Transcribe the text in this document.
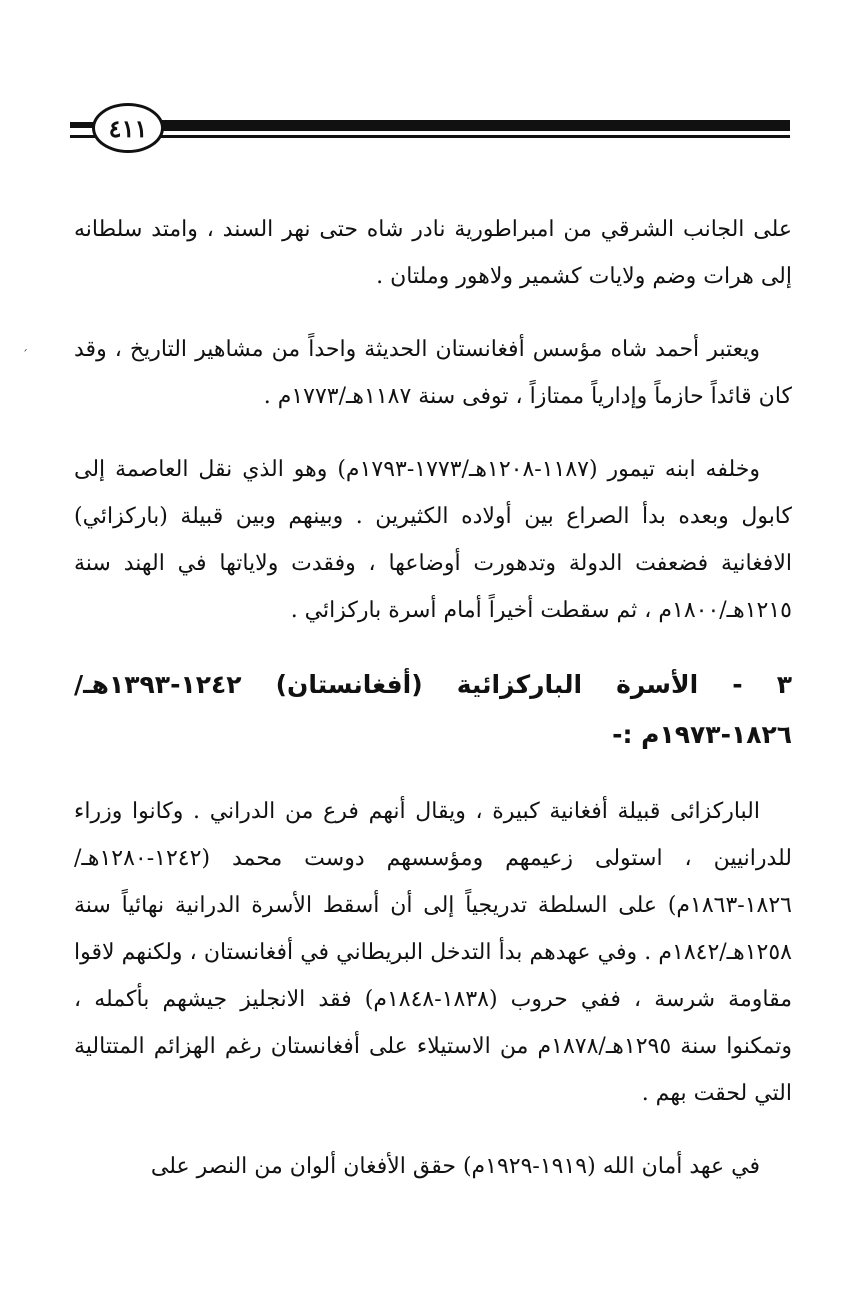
٤١١
ˊ

على الجانب الشرقي من امبراطورية نادر شاه حتى نهر السند ، وامتد سلطانه إلى هرات وضم ولايات كشمير ولاهور وملتان .

ويعتبر أحمد شاه مؤسس أفغانستان الحديثة واحداً من مشاهير التاريخ ، وقد كان قائداً حازماً وإدارياً ممتازاً ، توفى سنة ١١٨٧هـ/١٧٧٣م .

وخلفه ابنه تيمور (١١٨٧-١٢٠٨هـ/١٧٧٣-١٧٩٣م) وهو الذي نقل العاصمة إلى كابول وبعده بدأ الصراع بين أولاده الكثيرين . وبينهم وبين قبيلة (باركزائي) الافغانية فضعفت الدولة وتدهورت أوضاعها ، وفقدت ولاياتها في الهند سنة ١٢١٥هـ/١٨٠٠م ، ثم سقطت أخيراً أمام أسرة باركزائي .

٣ - الأسرة الباركزائية (أفغانستان) ١٢٤٢-١٣٩٣هـ/١٨٢٦-١٩٧٣م :-

الباركزائى قبيلة أفغانية كبيرة ، ويقال أنهم فرع من الدراني . وكانوا وزراء للدرانيين ، استولى زعيمهم ومؤسسهم دوست محمد (١٢٤٢-١٢٨٠هـ/١٨٢٦-١٨٦٣م) على السلطة تدريجياً إلى أن أسقط الأسرة الدرانية نهائياً سنة ١٢٥٨هـ/١٨٤٢م . وفي عهدهم بدأ التدخل البريطاني في أفغانستان ، ولكنهم لاقوا مقاومة شرسة ، ففي حروب (١٨٣٨-١٨٤٨م) فقد الانجليز جيشهم بأكمله ، وتمكنوا سنة ١٢٩٥هـ/١٨٧٨م من الاستيلاء على أفغانستان رغم الهزائم المتتالية التي لحقت بهم .

في عهد أمان الله (١٩١٩-١٩٢٩م) حقق الأفغان ألوان من النصر على
